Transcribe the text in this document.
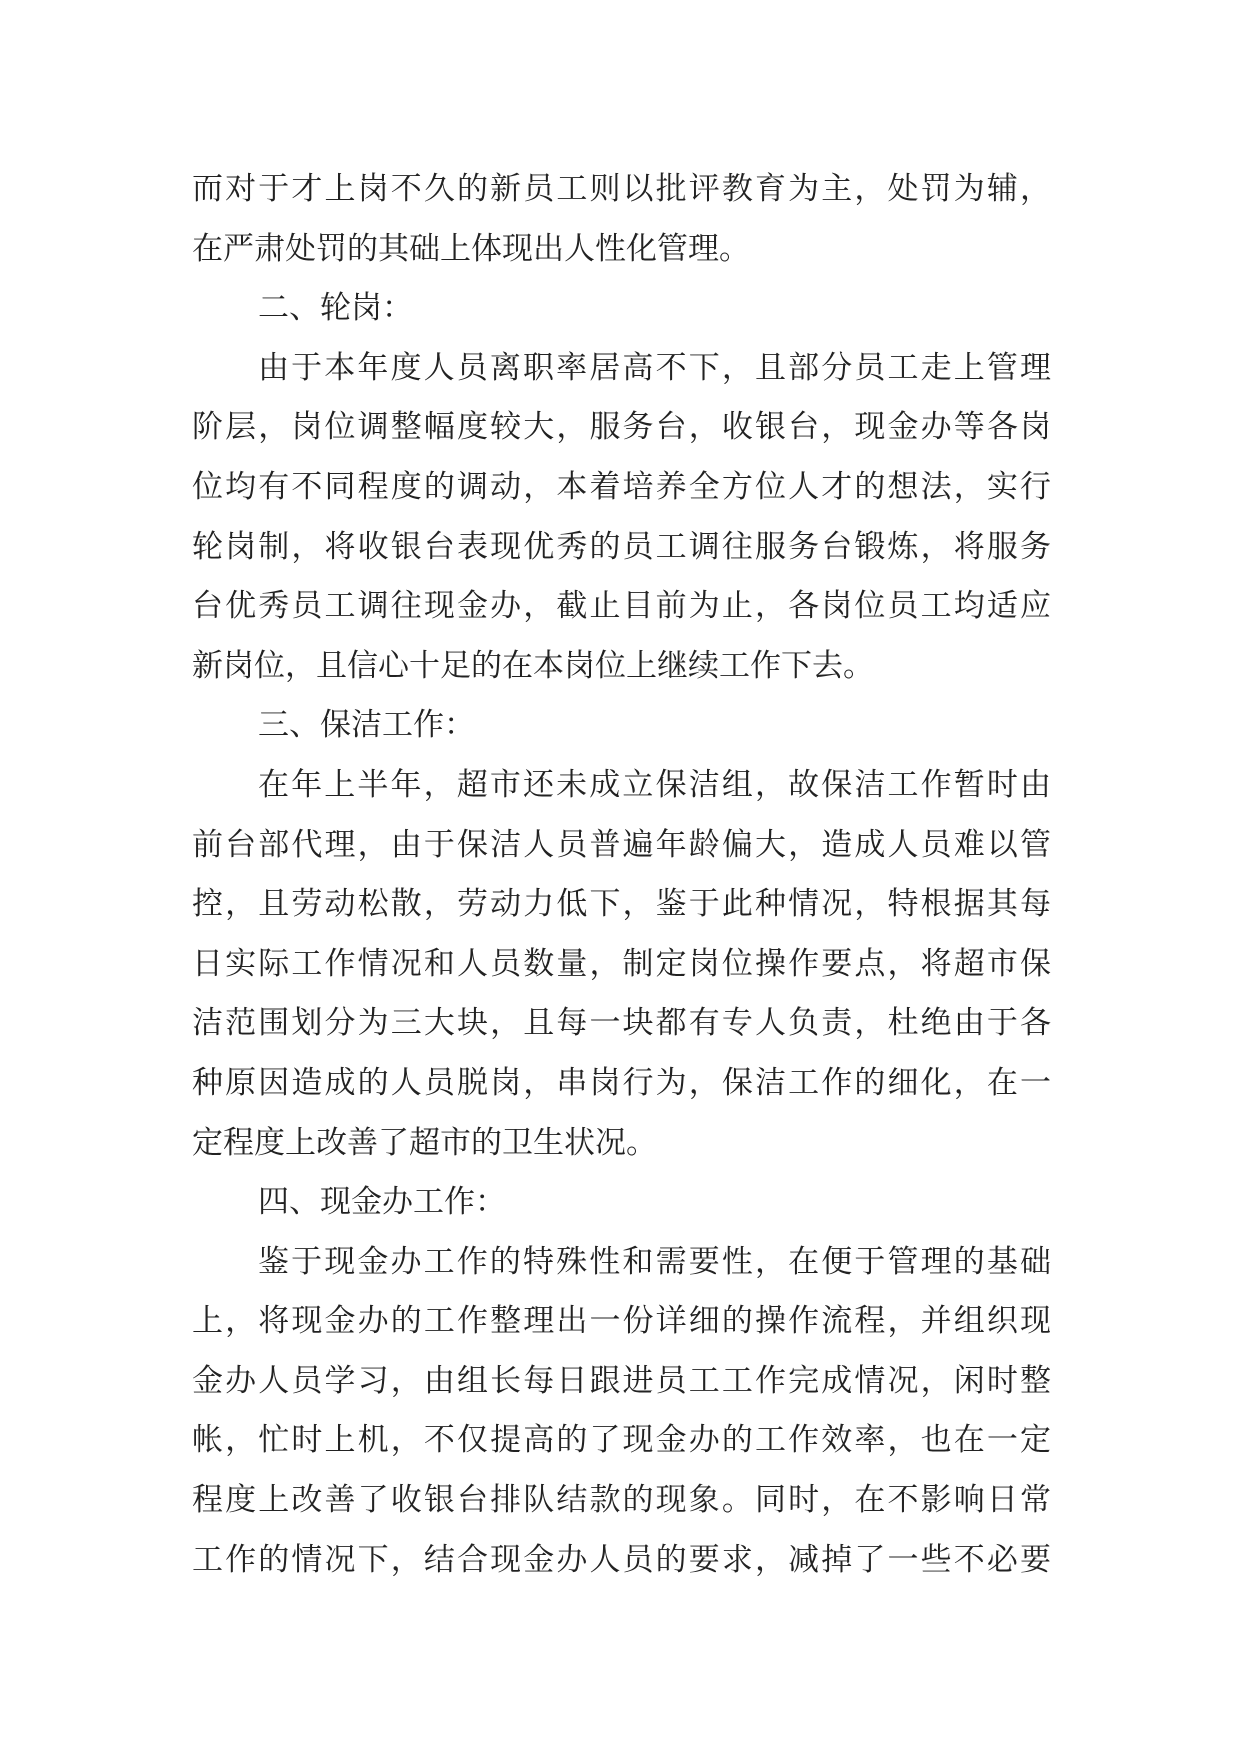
而对于才上岗不久的新员工则以批评教育为主，处罚为辅，
在严肃处罚的其础上体现出人性化管理。
二、轮岗：
由于本年度人员离职率居高不下，且部分员工走上管理
阶层，岗位调整幅度较大，服务台，收银台，现金办等各岗
位均有不同程度的调动，本着培养全方位人才的想法，实行
轮岗制，将收银台表现优秀的员工调往服务台锻炼，将服务
台优秀员工调往现金办，截止目前为止，各岗位员工均适应
新岗位，且信心十足的在本岗位上继续工作下去。
三、保洁工作：
在年上半年，超市还未成立保洁组，故保洁工作暂时由
前台部代理，由于保洁人员普遍年龄偏大，造成人员难以管
控，且劳动松散，劳动力低下，鉴于此种情况，特根据其每
日实际工作情况和人员数量，制定岗位操作要点，将超市保
洁范围划分为三大块，且每一块都有专人负责，杜绝由于各
种原因造成的人员脱岗，串岗行为，保洁工作的细化，在一
定程度上改善了超市的卫生状况。
四、现金办工作：
鉴于现金办工作的特殊性和需要性，在便于管理的基础
上，将现金办的工作整理出一份详细的操作流程，并组织现
金办人员学习，由组长每日跟进员工工作完成情况，闲时整
帐，忙时上机，不仅提高的了现金办的工作效率，也在一定
程度上改善了收银台排队结款的现象。同时，在不影响日常
工作的情况下，结合现金办人员的要求，减掉了一些不必要
